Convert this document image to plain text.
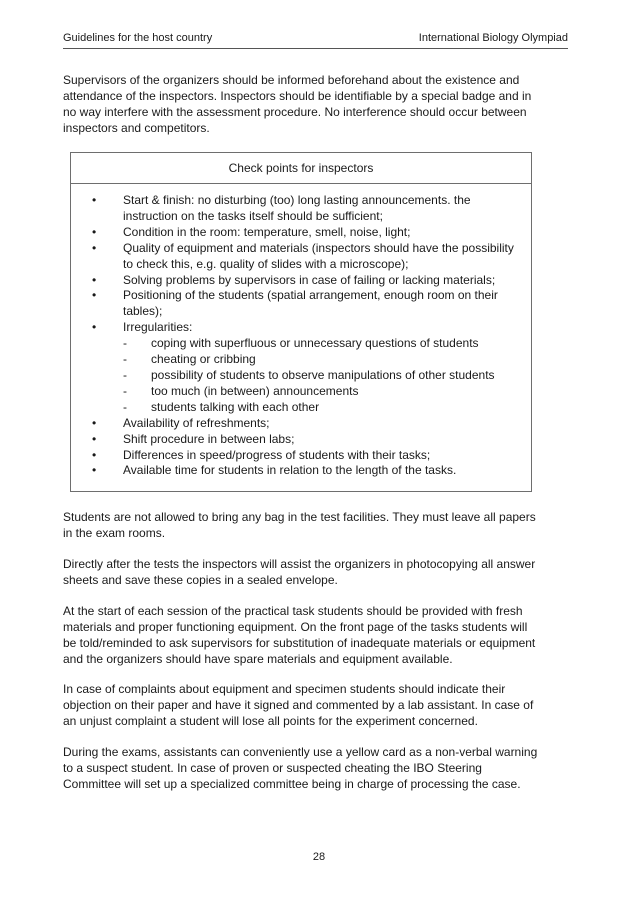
Guidelines for the host country	International Biology Olympiad

Supervisors of the organizers should be informed beforehand about the existence and attendance of the inspectors. Inspectors should be identifiable by a special badge and in no way interfere with the assessment procedure. No interference should occur between inspectors and competitors.

Check points for inspectors
• Start & finish: no disturbing (too) long lasting announcements. the instruction on the tasks itself should be sufficient;
• Condition in the room: temperature, smell, noise, light;
• Quality of equipment and materials (inspectors should have the possibility to check this, e.g. quality of slides with a microscope);
• Solving problems by supervisors in case of failing or lacking materials;
• Positioning of the students (spatial arrangement, enough room on their tables);
• Irregularities:
- coping with superfluous or unnecessary questions of students
- cheating or cribbing
- possibility of students to observe manipulations of other students
- too much (in between) announcements
- students talking with each other
• Availability of refreshments;
• Shift procedure in between labs;
• Differences in speed/progress of students with their tasks;
• Available time for students in relation to the length of the tasks.

Students are not allowed to bring any bag in the test facilities. They must leave all papers in the exam rooms.

Directly after the tests the inspectors will assist the organizers in photocopying all answer sheets and save these copies in a sealed envelope.

At the start of each session of the practical task students should be provided with fresh materials and proper functioning equipment. On the front page of the tasks students will be told/reminded to ask supervisors for substitution of inadequate materials or equipment and the organizers should have spare materials and equipment available.

In case of complaints about equipment and specimen students should indicate their objection on their paper and have it signed and commented by a lab assistant. In case of an unjust complaint a student will lose all points for the experiment concerned.

During the exams, assistants can conveniently use a yellow card as a non-verbal warning to a suspect student. In case of proven or suspected cheating the IBO Steering Committee will set up a specialized committee being in charge of processing the case.

28
